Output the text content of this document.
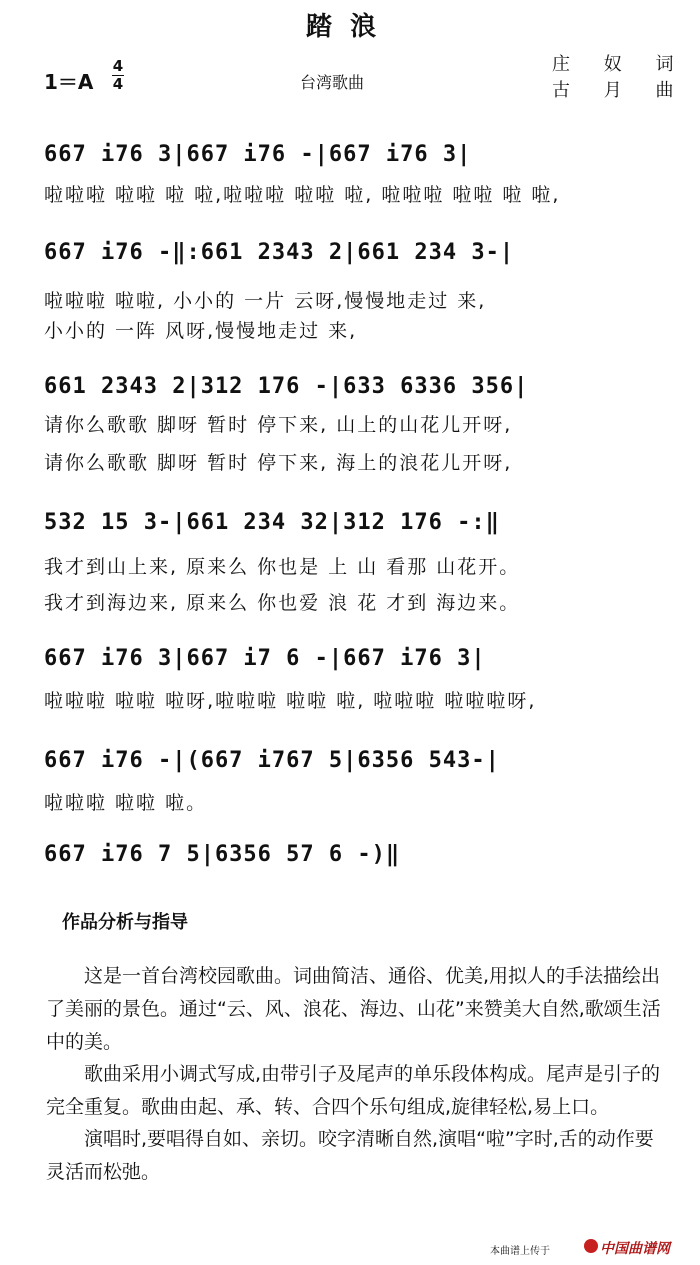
踏浪
1＝A
4
4	台湾歌曲
庄 奴 词
古 月 曲
667 i76 3|667 i76 -|667 i76 3|
啦啦啦 啦啦 啦 啦,啦啦啦 啦啦 啦, 啦啦啦 啦啦 啦 啦,
667 i76 -‖:661 2343 2|661 234 3-|
啦啦啦 啦啦, 小小的 一片 云呀,慢慢地走过 来,
小小的 一阵 风呀,慢慢地走过 来,
661 2343 2|312 176 -|633 6336 356|
请你么歌歌 脚呀 暂时 停下来, 山上的山花儿开呀,
请你么歌歌 脚呀 暂时 停下来, 海上的浪花儿开呀,
532 15 3-|661 234 32|312 176 -:‖
我才到山上来, 原来么 你也是 上 山 看那 山花开。
我才到海边来, 原来么 你也爱 浪 花 才到 海边来。
667 i76 3|667 i7 6 -|667 i76 3|
啦啦啦 啦啦 啦呀,啦啦啦 啦啦 啦, 啦啦啦 啦啦啦呀,
667 i76 -|(667 i767 5|6356 543-|
啦啦啦 啦啦 啦。
667 i76 7 5|6356 57 6 -)‖
作品分析与指导
这是一首台湾校园歌曲。词曲简洁、通俗、优美,用拟人的手法描绘出了美丽的景色。通过“云、风、浪花、海边、山花”来赞美大自然,歌颂生活中的美。
歌曲采用小调式写成,由带引子及尾声的单乐段体构成。尾声是引子的完全重复。歌曲由起、承、转、合四个乐句组成,旋律轻松,易上口。
演唱时,要唱得自如、亲切。咬字清晰自然,演唱“啦”字时,舌的动作要灵活而松弛。
本曲谱上传于	中国曲谱网
